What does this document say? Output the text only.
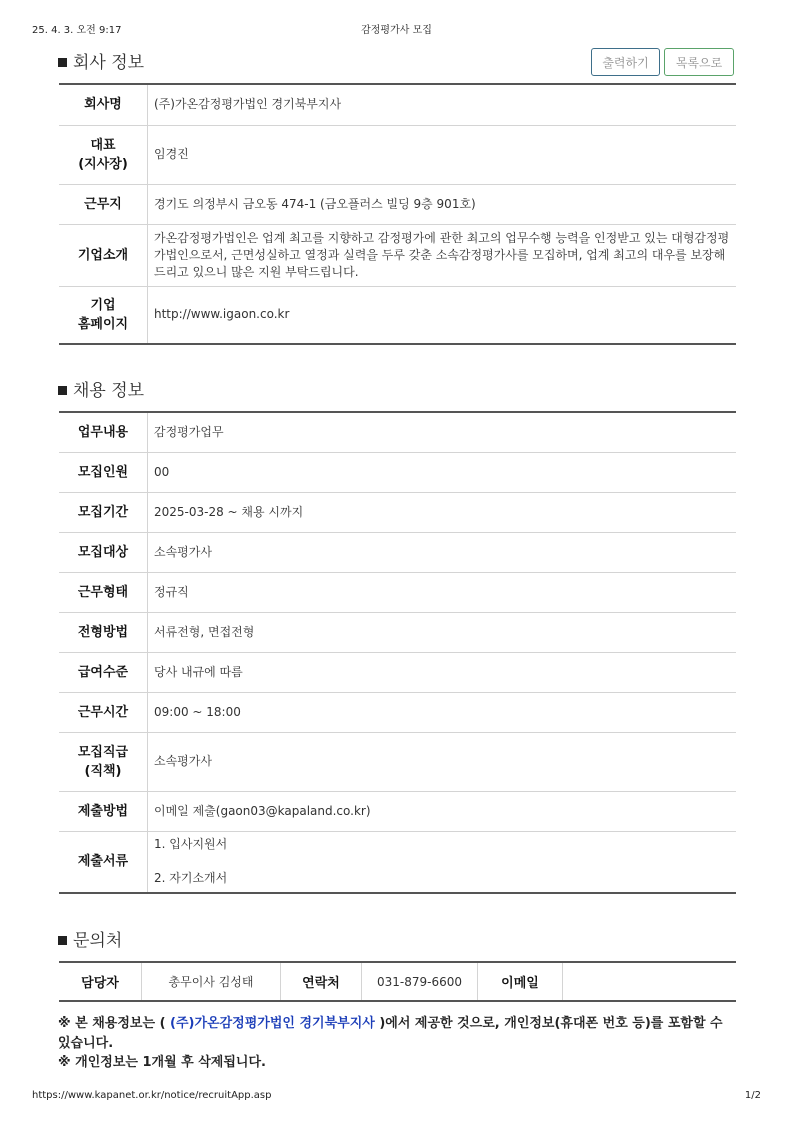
25. 4. 3. 오전 9:17	감정평가사 모집
회사 정보	출력하기	목록으로
회사명	(주)가온감정평가법인 경기북부지사
대표
(지사장)	임경진
근무지	경기도 의정부시 금오동 474-1 (금오플러스 빌딩 9층 901호)
기업소개	가온감정평가법인은 업계 최고를 지향하고 감정평가에 관한 최고의 업무수행 능력을 인정받고 있는 대형감정평가법인으로서, 근면성실하고 열정과 실력을 두루 갖춘 소속감정평가사를 모집하며, 업계 최고의 대우를 보장해드리고 있으니 많은 지원 부탁드립니다.
기업
홈페이지	http://www.igaon.co.kr
채용 정보
업무내용	감정평가업무
모집인원	00
모집기간	2025-03-28 ~ 채용 시까지
모집대상	소속평가사
근무형태	정규직
전형방법	서류전형, 면접전형
급여수준	당사 내규에 따름
근무시간	09:00 ~ 18:00
모집직급
(직책)	소속평가사
제출방법	이메일 제출(gaon03@kapaland.co.kr)
제출서류	1. 입사지원서

2. 자기소개서
문의처
담당자	총무이사 김성태	연락처	031-879-6600	이메일	
※ 본 채용정보는 ( (주)가온감정평가법인 경기북부지사 )에서 제공한 것으로, 개인정보(휴대폰 번호 등)를 포함할 수 있습니다.
※ 개인정보는 1개월 후 삭제됩니다.
https://www.kapanet.or.kr/notice/recruitApp.asp	1/2
